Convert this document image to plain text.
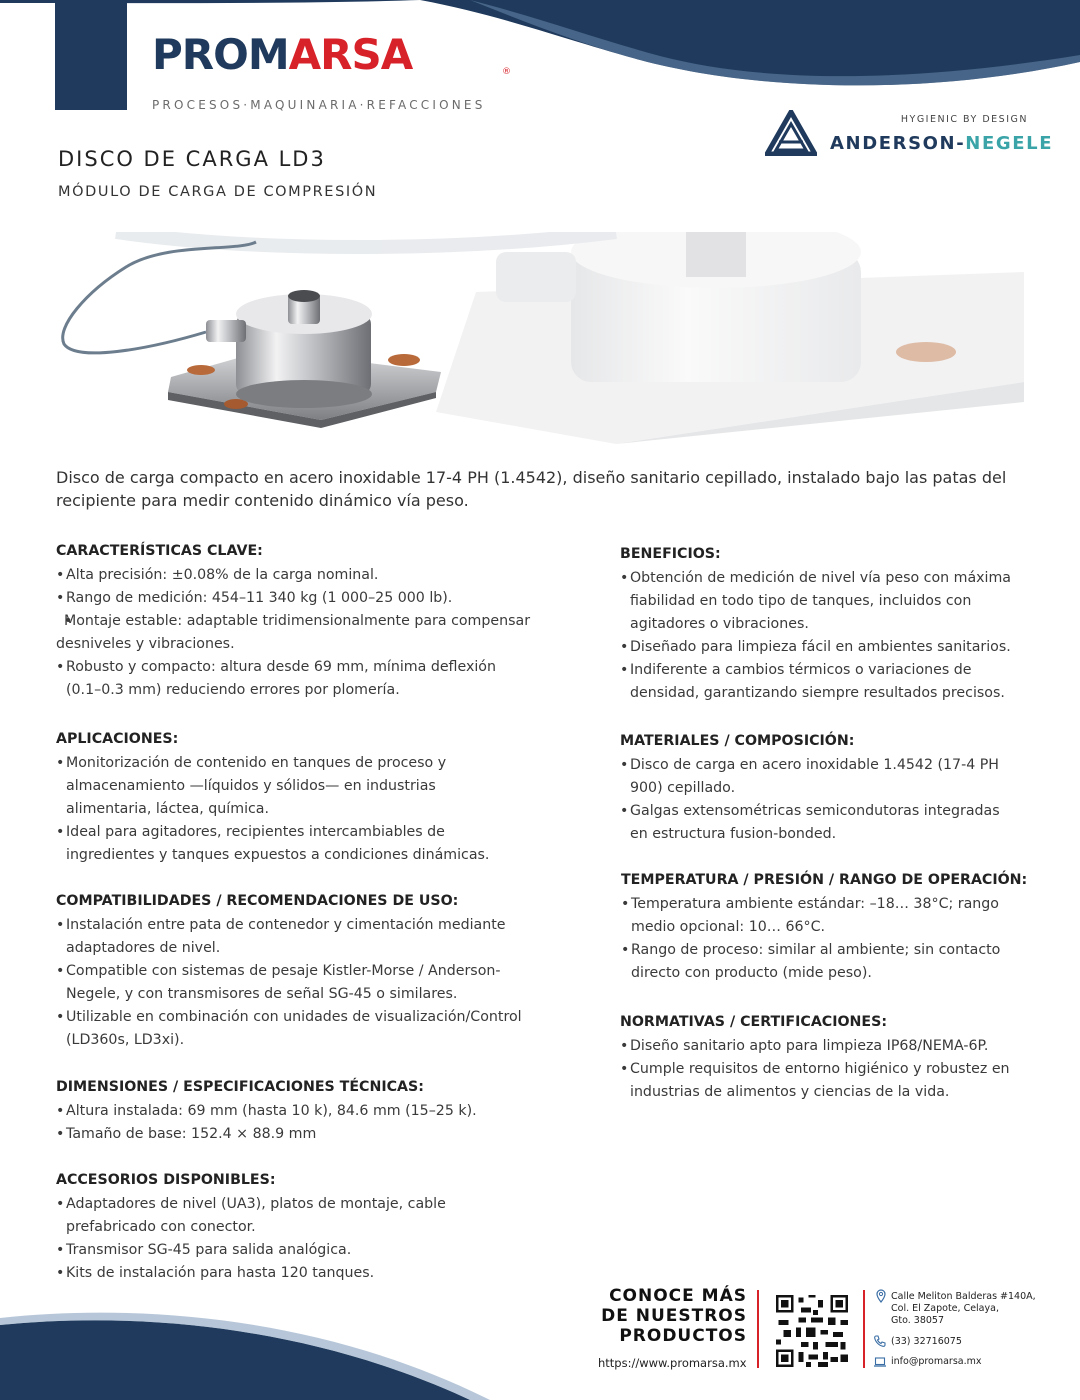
PROMARSA	®
PROCESOS·MAQUINARIA·REFACCIONES
HYGIENIC BY DESIGN
ANDERSON-NEGELE
DISCO DE CARGA LD3
MÓDULO DE CARGA DE COMPRESIÓN
Disco de carga compacto en acero inoxidable 17-4 PH (1.4542), diseño sanitario cepillado, instalado bajo las patas del recipiente para medir contenido dinámico vía peso.
CARACTERÍSTICAS CLAVE:
• Alta precisión: ±0.08% de la carga nominal.
• Rango de medición: 454–11 340 kg (1 000–25 000 lb).
• Montaje estable: adaptable tridimensionalmente para compensar desniveles y vibraciones.
• Robusto y compacto: altura desde 69 mm, mínima deflexión (0.1–0.3 mm) reduciendo errores por plomería.
APLICACIONES:
• Monitorización de contenido en tanques de proceso y almacenamiento —líquidos y sólidos— en industrias alimentaria, láctea, química.
• Ideal para agitadores, recipientes intercambiables de ingredientes y tanques expuestos a condiciones dinámicas.
COMPATIBILIDADES / RECOMENDACIONES DE USO:
• Instalación entre pata de contenedor y cimentación mediante adaptadores de nivel.
• Compatible con sistemas de pesaje Kistler-Morse / Anderson-Negele, y con transmisores de señal SG-45 o similares.
• Utilizable en combinación con unidades de visualización/Control (LD360s, LD3xi).
DIMENSIONES / ESPECIFICACIONES TÉCNICAS:
• Altura instalada: 69 mm (hasta 10 k), 84.6 mm (15–25 k).
• Tamaño de base: 152.4 × 88.9 mm
ACCESORIOS DISPONIBLES:
• Adaptadores de nivel (UA3), platos de montaje, cable prefabricado con conector.
• Transmisor SG-45 para salida analógica.
• Kits de instalación para hasta 120 tanques.
BENEFICIOS:
• Obtención de medición de nivel vía peso con máxima fiabilidad en todo tipo de tanques, incluidos con agitadores o vibraciones.
• Diseñado para limpieza fácil en ambientes sanitarios.
• Indiferente a cambios térmicos o variaciones de densidad, garantizando siempre resultados precisos.
MATERIALES / COMPOSICIÓN:
• Disco de carga en acero inoxidable 1.4542 (17-4 PH 900) cepillado.
• Galgas extensométricas semicondutoras integradas en estructura fusion-bonded.
TEMPERATURA / PRESIÓN / RANGO DE OPERACIÓN:
• Temperatura ambiente estándar: –18… 38°C; rango medio opcional: 10… 66°C.
• Rango de proceso: similar al ambiente; sin contacto directo con producto (mide peso).
NORMATIVAS / CERTIFICACIONES:
• Diseño sanitario apto para limpieza IP68/NEMA-6P.
• Cumple requisitos de entorno higiénico y robustez en industrias de alimentos y ciencias de la vida.
CONOCE MÁS
DE NUESTROS
PRODUCTOS
https://www.promarsa.mx
Calle Meliton Balderas #140A,
Col. El Zapote, Celaya,
Gto. 38057
(33) 32716075
info@promarsa.mx
